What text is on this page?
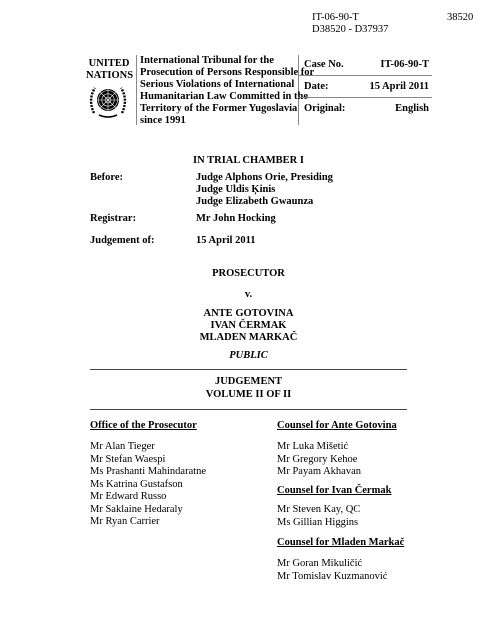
IT-06-90-T	38520
D38520 - D37937
UNITED
NATIONS
International Tribunal for the
Prosecution of Persons Responsible for
Serious Violations of International
Humanitarian Law Committed in the
Territory of the Former Yugoslavia
since 1991
Case No.	IT-06-90-T
Date:	15 April 2011
Original:	English
IN TRIAL CHAMBER I
Before:	Judge Alphons Orie, Presiding
Judge Uldis Ķinis
Judge Elizabeth Gwaunza
Registrar:	Mr John Hocking
Judgement of:	15 April 2011
PROSECUTOR
v.
ANTE GOTOVINA
IVAN ČERMAK
MLADEN MARKAČ
PUBLIC
JUDGEMENT
VOLUME II OF II
Office of the Prosecutor
Mr Alan Tieger
Mr Stefan Waespi
Ms Prashanti Mahindaratne
Ms Katrina Gustafson
Mr Edward Russo
Mr Saklaine Hedaraly
Mr Ryan Carrier
Counsel for Ante Gotovina
Mr Luka Mišetić
Mr Gregory Kehoe
Mr Payam Akhavan
Counsel for Ivan Čermak
Mr Steven Kay, QC
Ms Gillian Higgins
Counsel for Mladen Markač
Mr Goran Mikuličić
Mr Tomislav Kuzmanović
